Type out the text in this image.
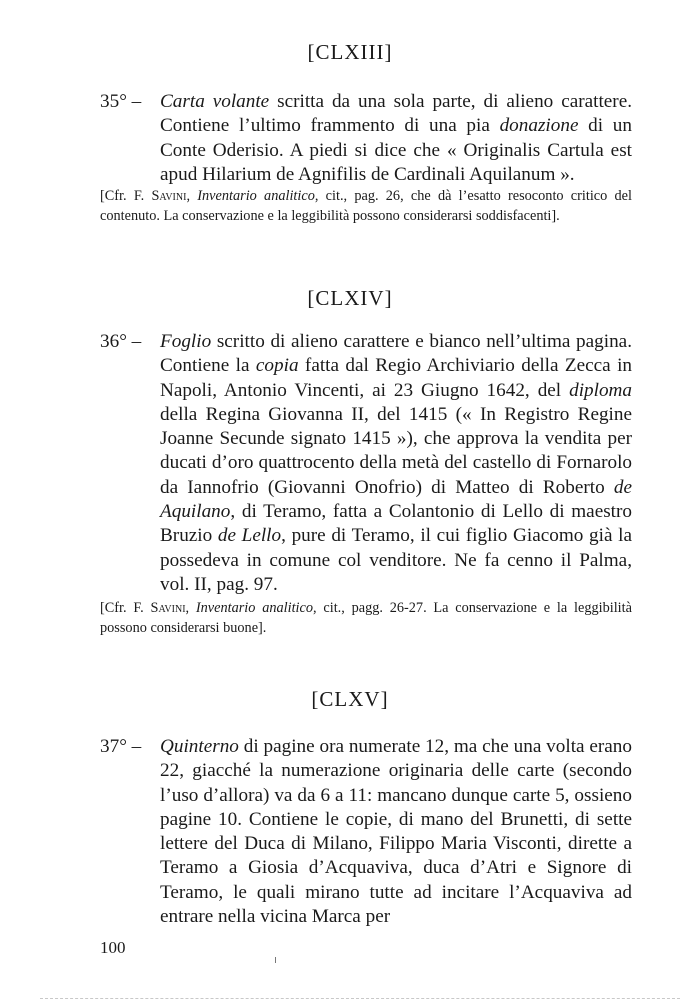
[CLXIII]
35° – Carta volante scritta da una sola parte, di alieno carattere. Contiene l’ultimo frammento di una pia donazione di un Conte Oderisio. A piedi si dice che « Originalis Cartula est apud Hilarium de Agnifilis de Cardinali Aquilanum ».
[Cfr. F. Savini, Inventario analitico, cit., pag. 26, che dà l’esatto resoconto critico del contenuto. La conservazione e la leggibilità possono considerarsi soddisfacenti].
[CLXIV]
36° – Foglio scritto di alieno carattere e bianco nell’ultima pagina. Contiene la copia fatta dal Regio Archiviario della Zecca in Napoli, Antonio Vincenti, ai 23 Giugno 1642, del diploma della Regina Giovanna II, del 1415 (« In Registro Regine Joanne Secunde signato 1415 »), che approva la vendita per ducati d’oro quattrocento della metà del castello di Fornarolo da Iannofrio (Giovanni Onofrio) di Matteo di Roberto de Aquilano, di Teramo, fatta a Colantonio di Lello di maestro Bruzio de Lello, pure di Teramo, il cui figlio Giacomo già la possedeva in comune col venditore. Ne fa cenno il Palma, vol. II, pag. 97.
[Cfr. F. Savini, Inventario analitico, cit., pagg. 26-27. La conservazione e la leggibilità possono considerarsi buone].
[CLXV]
37° – Quinterno di pagine ora numerate 12, ma che una volta erano 22, giacché la numerazione originaria delle carte (secondo l’uso d’allora) va da 6 a 11: mancano dunque carte 5, ossieno pagine 10. Contiene le copie, di mano del Brunetti, di sette lettere del Duca di Milano, Filippo Maria Visconti, dirette a Teramo a Giosia d’Acquaviva, duca d’Atri e Signore di Teramo, le quali mirano tutte ad incitare l’Acquaviva ad entrare nella vicina Marca per
100
